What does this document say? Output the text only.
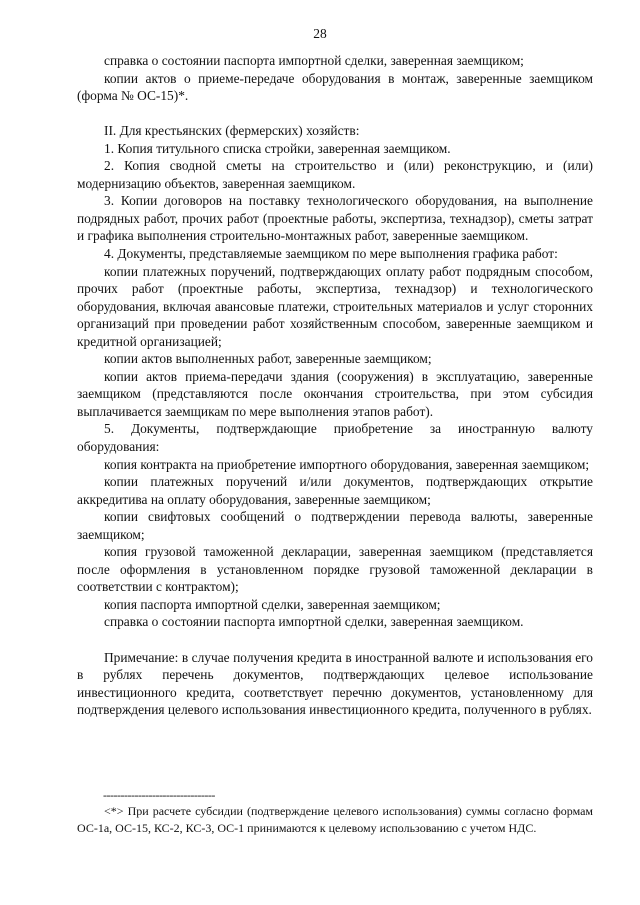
28

справка о состоянии паспорта импортной сделки, заверенная заемщиком;

копии актов о приеме-передаче оборудования в монтаж, заверенные заемщиком (форма № ОС-15)*.

II. Для крестьянских (фермерских) хозяйств:

1. Копия титульного списка стройки, заверенная заемщиком.

2. Копия сводной сметы на строительство и (или) реконструкцию, и (или) модернизацию объектов, заверенная заемщиком.

3. Копии договоров на поставку технологического оборудования, на выполнение подрядных работ, прочих работ (проектные работы, экспертиза, технадзор), сметы затрат и графика выполнения строительно-монтажных работ, заверенные заемщиком.

4. Документы, представляемые заемщиком по мере выполнения графика работ:

копии платежных поручений, подтверждающих оплату работ подрядным способом, прочих работ (проектные работы, экспертиза, технадзор) и технологического оборудования, включая авансовые платежи, строительных материалов и услуг сторонних организаций при проведении работ хозяйственным способом, заверенные заемщиком и кредитной организацией;

копии актов выполненных работ, заверенные заемщиком;

копии актов приема-передачи здания (сооружения) в эксплуатацию, заверенные заемщиком (представляются после окончания строительства, при этом субсидия выплачивается заемщикам по мере выполнения этапов работ).

5. Документы, подтверждающие приобретение за иностранную валюту оборудования:

копия контракта на приобретение импортного оборудования, заверенная заемщиком;

копии платежных поручений и/или документов, подтверждающих открытие аккредитива на оплату оборудования, заверенные заемщиком;

копии свифтовых сообщений о подтверждении перевода валюты, заверенные заемщиком;

копия грузовой таможенной декларации, заверенная заемщиком (представляется после оформления в установленном порядке грузовой таможенной декларации в соответствии с контрактом);

копия паспорта импортной сделки, заверенная заемщиком;

справка о состоянии паспорта импортной сделки, заверенная заемщиком.

Примечание: в случае получения кредита в иностранной валюте и использования его в рублях перечень документов, подтверждающих целевое использование инвестиционного кредита, соответствует перечню документов, установленному для подтверждения целевого использования инвестиционного кредита, полученного в рублях.

--------------------------------

<*> При расчете субсидии (подтверждение целевого использования) суммы согласно формам ОС-1а, ОС-15, КС-2, КС-3, ОС-1 принимаются к целевому использованию с учетом НДС.
